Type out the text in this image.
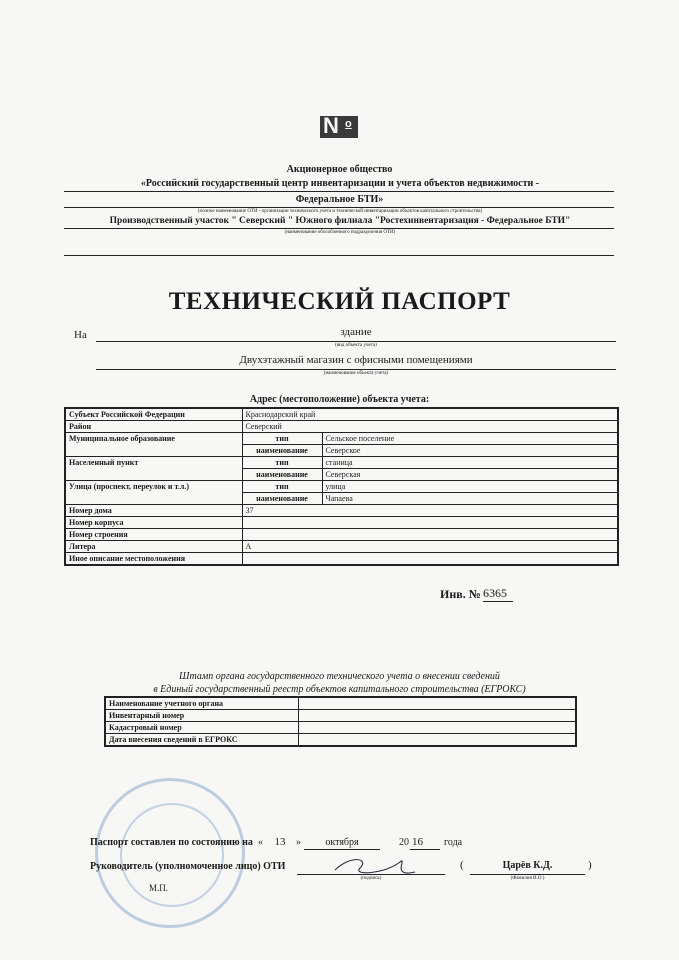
N о
Акционерное общество
«Российский государственный центр инвентаризации и учета объектов недвижимости -
Федеральное БТИ»
(полное наименование ОТИ - организации технического учета и технической инвентаризации объектов капитального строительства)
Производственный участок " Северский " Южного филиала "Ростехинвентаризация - Федеральное БТИ"
(наименование обособленного подразделения ОТИ)
ТЕХНИЧЕСКИЙ ПАСПОРТ
На	здание
(вид объекта учета)
Двухэтажный магазин с офисными помещениями
(наименование объекта учета)
Адрес (местоположение) объекта учета:
Субъект Российской Федерации	Краснодарский край	
Район	Северский	
Муниципальное образование	тип	Сельское поселение
	наименование	Северское
Населенный пункт	тип	станица
	наименование	Северская
Улица (проспект, переулок и т.л.)	тип	улица
	наименование	Чапаева
Номер дома	37	
Номер корпуса		
Номер строения		
Литера	А	
Иное описание местоположения		
Инв. № 6365
Штамп органа государственного технического учета о внесении сведений
в Единый государственный реестр объектов капитального строительства (ЕГРОКС)
Наименование учетного органа	
Инвентарный номер	
Кадастровый номер	
Дата внесения сведений в ЕГРОКС	
Паспорт составлен по состоянию на «	13	»	октября	20 16 года
Руководитель (уполномоченное лицо) ОТИ
(подпись)
(	Царёв К.Д.	)
(Фамилия И.О.)
М.П.
